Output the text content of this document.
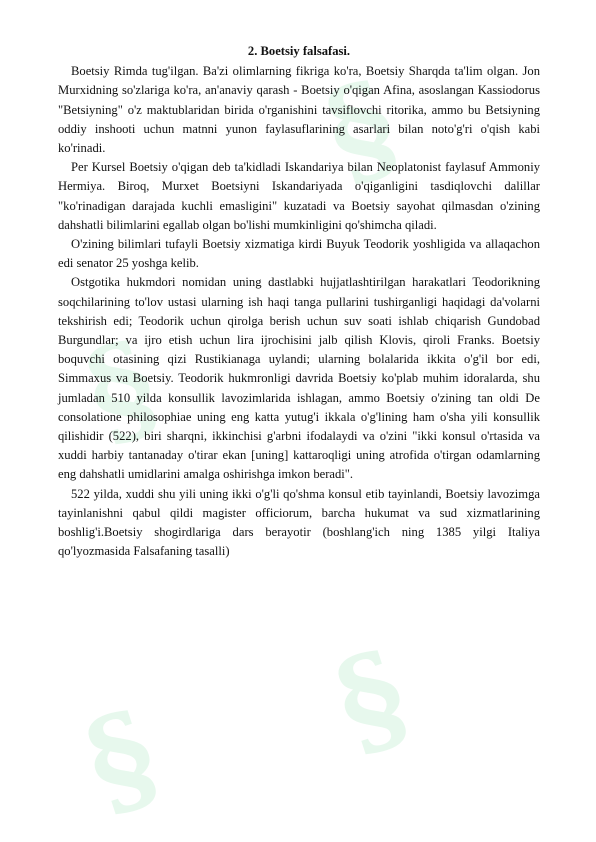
§
§
§
§

2. Boetsiy falsafasi.

Boetsiy Rimda tug'ilgan. Ba'zi olimlarning fikriga ko'ra, Boetsiy Sharqda ta'lim olgan. Jon Murxidning so'zlariga ko'ra, an'anaviy qarash - Boetsiy o'qigan Afina, asoslangan Kassiodorus "Betsiyning" o'z maktublaridan birida o'rganishini tavsiflovchi ritorika, ammo bu Betsiyning oddiy inshooti uchun matnni yunon faylasuflarining asarlari bilan noto'g'ri o'qish kabi ko'rinadi.

Per Kursel Boetsiy o'qigan deb ta'kidladi Iskandariya bilan Neoplatonist faylasuf Ammoniy Hermiya. Biroq, Murxet Boetsiyni Iskandariyada o'qiganligini tasdiqlovchi dalillar "ko'rinadigan darajada kuchli emasligini" kuzatadi va Boetsiy sayohat qilmasdan o'zining dahshatli bilimlarini egallab olgan bo'lishi mumkinligini qo'shimcha qiladi.

O'zining bilimlari tufayli Boetsiy xizmatiga kirdi Buyuk Teodorik yoshligida va allaqachon edi senator 25 yoshga kelib.

Ostgotika hukmdori nomidan uning dastlabki hujjatlashtirilgan harakatlari Teodorikning soqchilarining to'lov ustasi ularning ish haqi tanga pullarini tushirganligi haqidagi da'volarni tekshirish edi; Teodorik uchun qirolga berish uchun suv soati ishlab chiqarish Gundobad Burgundlar; va ijro etish uchun lira ijrochisini jalb qilish Klovis, qiroli Franks. Boetsiy boquvchi otasining qizi Rustikianaga uylandi; ularning bolalarida ikkita o'g'il bor edi, Simmaxus va Boetsiy. Teodorik hukmronligi davrida Boetsiy ko'plab muhim idoralarda, shu jumladan 510 yilda konsullik lavozimlarida ishlagan, ammo Boetsiy o'zining tan oldi De consolatione philosophiae uning eng katta yutug'i ikkala o'g'lining ham o'sha yili konsullik qilishidir (522), biri sharqni, ikkinchisi g'arbni ifodalaydi va o'zini "ikki konsul o'rtasida va xuddi harbiy tantanaday o'tirar ekan [uning] kattaroqligi uning atrofida o'tirgan odamlarning eng dahshatli umidlarini amalga oshirishga imkon beradi".

522 yilda, xuddi shu yili uning ikki o'g'li qo'shma konsul etib tayinlandi, Boetsiy lavozimga tayinlanishni qabul qildi magister officiorum, barcha hukumat va sud xizmatlarining boshlig'i.Boetsiy shogirdlariga dars berayotir (boshlang'ich ning 1385 yilgi Italiya qo'lyozmasida Falsafaning tasalli)
